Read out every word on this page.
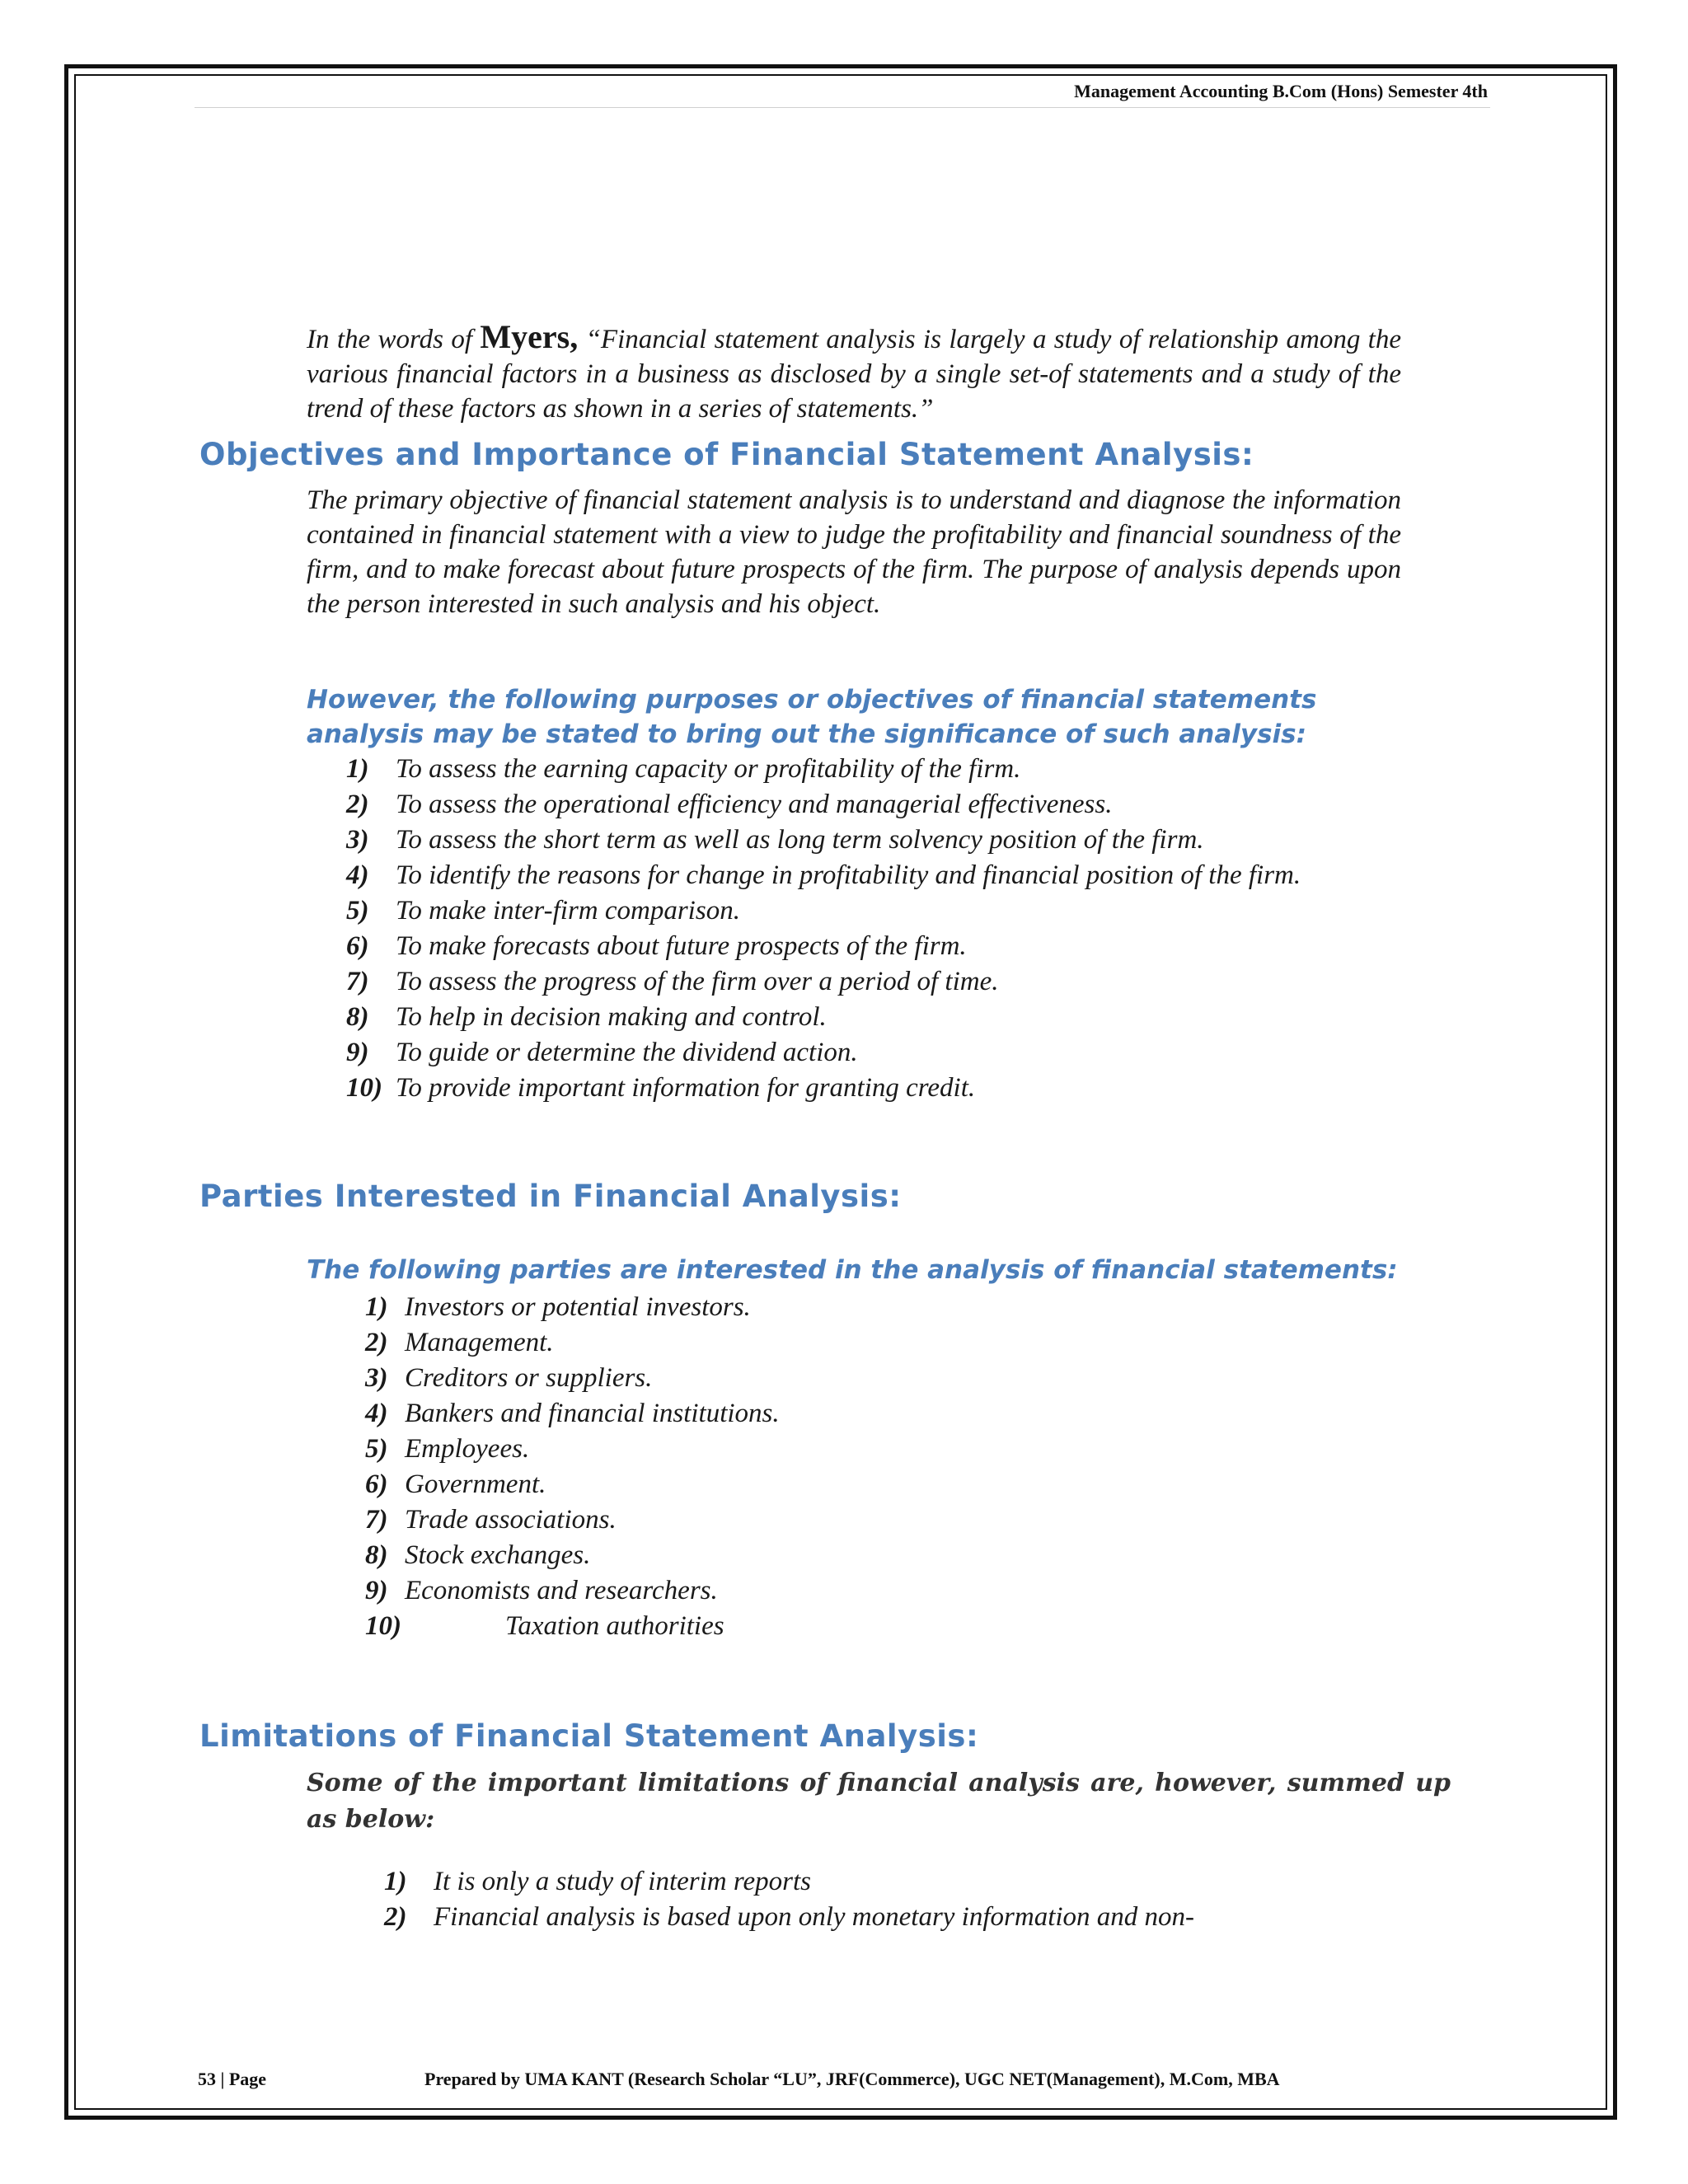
Management Accounting B.Com (Hons) Semester 4th
In the words of Myers, “Financial statement analysis is largely a study of relationship among the various financial factors in a business as disclosed by a single set-of statements and a study of the trend of these factors as shown in a series of statements.”
Objectives and Importance of Financial Statement Analysis:
The primary objective of financial statement analysis is to understand and diagnose the information contained in financial statement with a view to judge the profitability and financial soundness of the firm, and to make forecast about future prospects of the firm. The purpose of analysis depends upon the person interested in such analysis and his object.
However, the following purposes or objectives of financial statements
analysis may be stated to bring out the significance of such analysis:
1) To assess the earning capacity or profitability of the firm.
2) To assess the operational efficiency and managerial effectiveness.
3) To assess the short term as well as long term solvency position of the firm.
4) To identify the reasons for change in profitability and financial position of the firm.
5) To make inter-firm comparison.
6) To make forecasts about future prospects of the firm.
7) To assess the progress of the firm over a period of time.
8) To help in decision making and control.
9) To guide or determine the dividend action.
10) To provide important information for granting credit.
Parties Interested in Financial Analysis:
The following parties are interested in the analysis of financial statements:
1) Investors or potential investors.
2) Management.
3) Creditors or suppliers.
4) Bankers and financial institutions.
5) Employees.
6) Government.
7) Trade associations.
8) Stock exchanges.
9) Economists and researchers.
10)	Taxation authorities
Limitations of Financial Statement Analysis:
Some of the important limitations of financial analysis are, however, summed up as below:
1) It is only a study of interim reports
2) Financial analysis is based upon only monetary information and non-
53 | Page	Prepared by UMA KANT (Research Scholar “LU”, JRF(Commerce), UGC NET(Management), M.Com, MBA
